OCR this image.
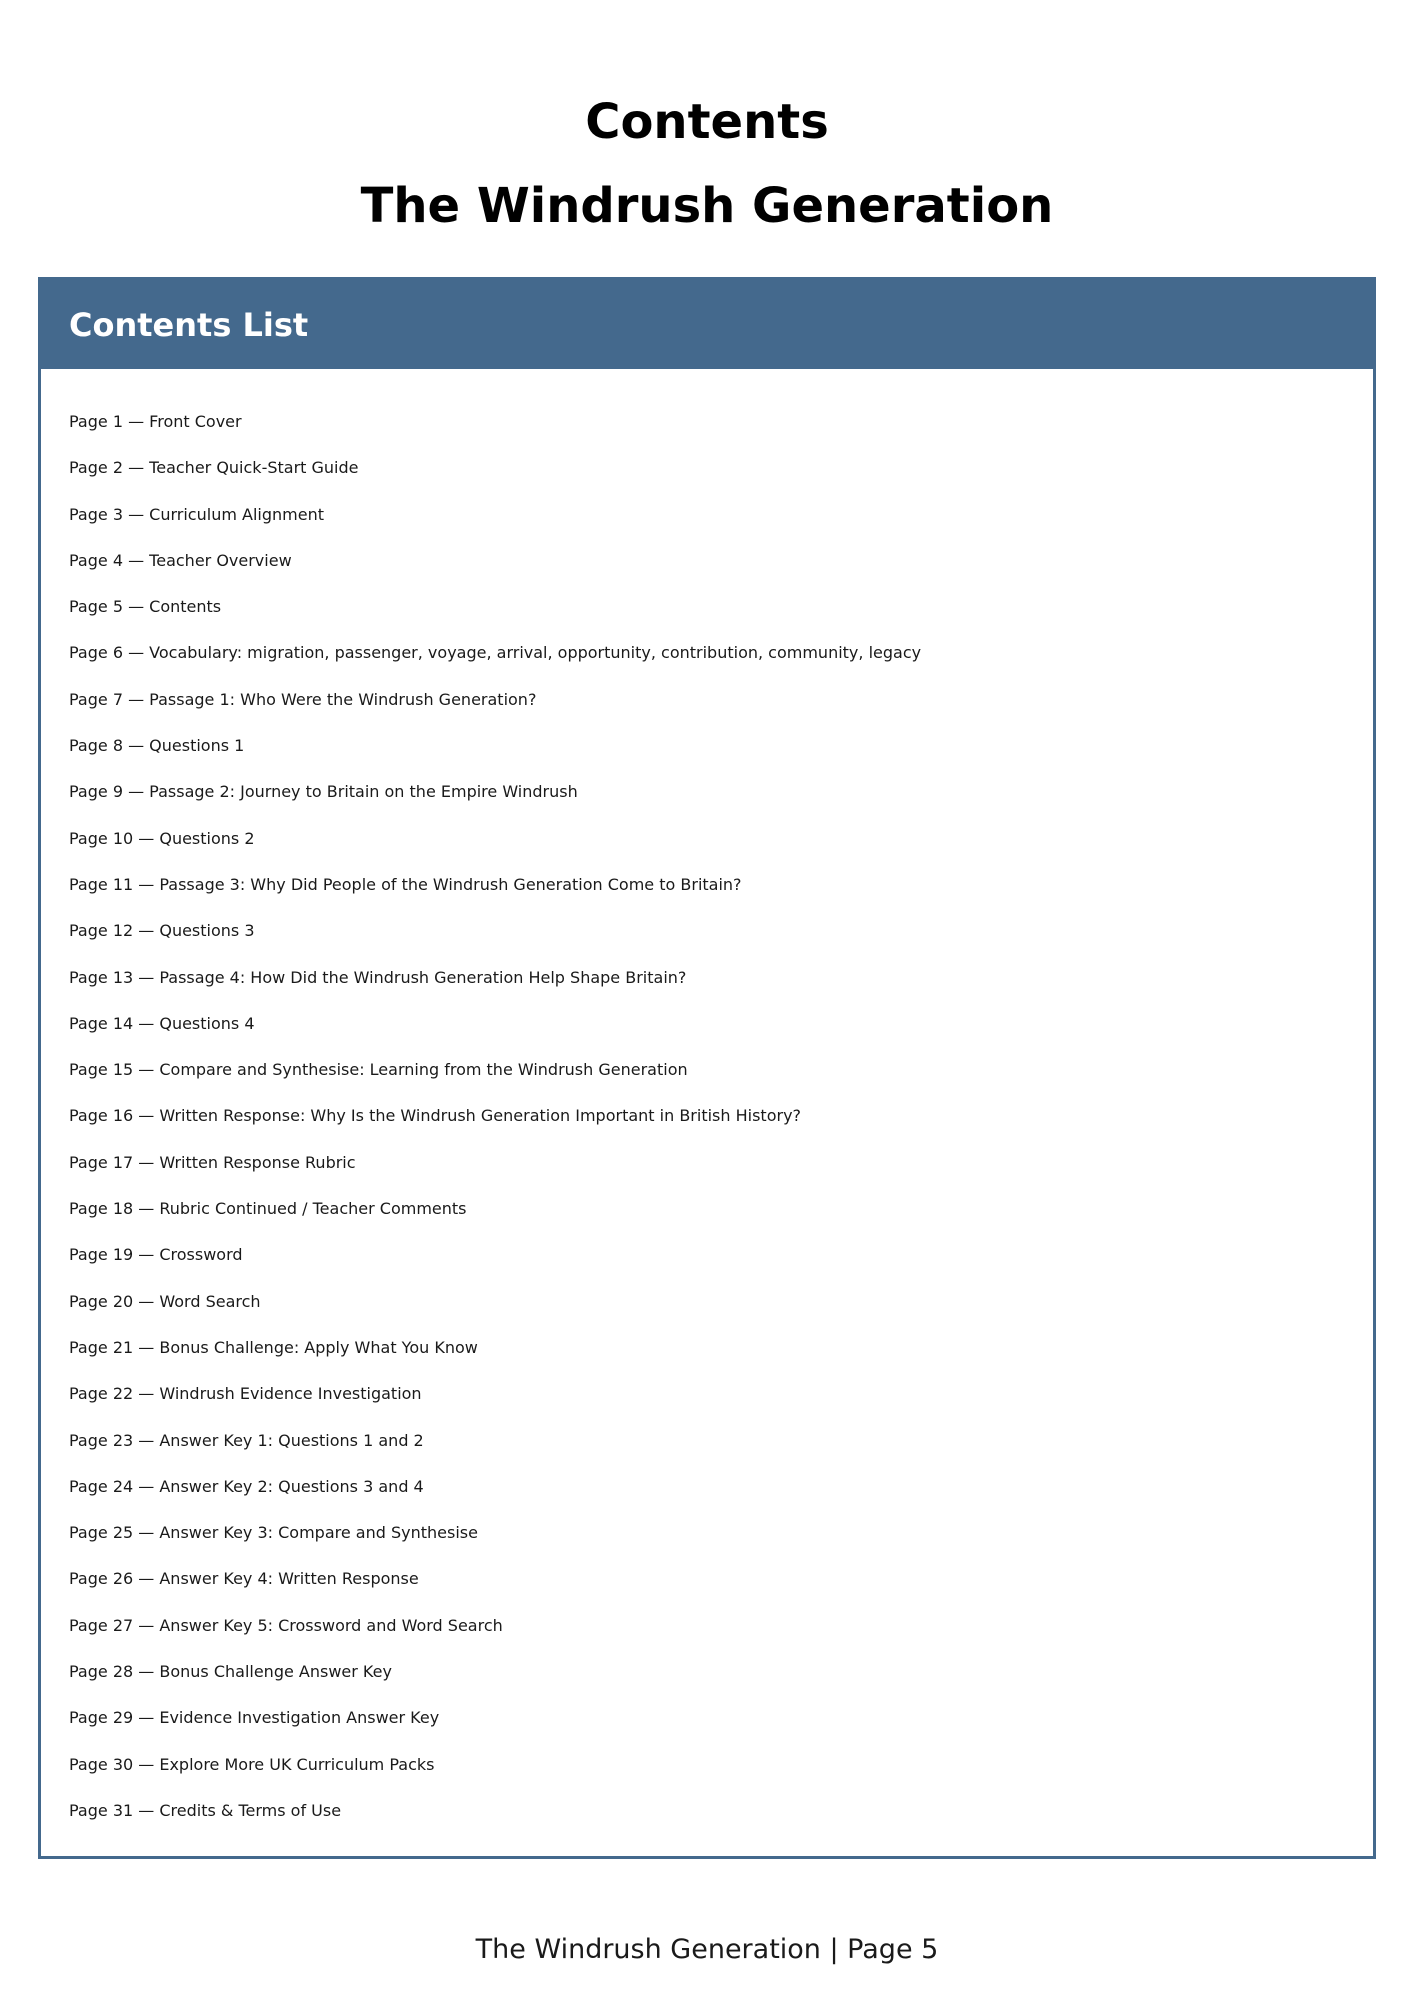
Contents
The Windrush Generation
Contents List
Page 1 — Front Cover
Page 2 — Teacher Quick-Start Guide
Page 3 — Curriculum Alignment
Page 4 — Teacher Overview
Page 5 — Contents
Page 6 — Vocabulary: migration, passenger, voyage, arrival, opportunity, contribution, community, legacy
Page 7 — Passage 1: Who Were the Windrush Generation?
Page 8 — Questions 1
Page 9 — Passage 2: Journey to Britain on the Empire Windrush
Page 10 — Questions 2
Page 11 — Passage 3: Why Did People of the Windrush Generation Come to Britain?
Page 12 — Questions 3
Page 13 — Passage 4: How Did the Windrush Generation Help Shape Britain?
Page 14 — Questions 4
Page 15 — Compare and Synthesise: Learning from the Windrush Generation
Page 16 — Written Response: Why Is the Windrush Generation Important in British History?
Page 17 — Written Response Rubric
Page 18 — Rubric Continued / Teacher Comments
Page 19 — Crossword
Page 20 — Word Search
Page 21 — Bonus Challenge: Apply What You Know
Page 22 — Windrush Evidence Investigation
Page 23 — Answer Key 1: Questions 1 and 2
Page 24 — Answer Key 2: Questions 3 and 4
Page 25 — Answer Key 3: Compare and Synthesise
Page 26 — Answer Key 4: Written Response
Page 27 — Answer Key 5: Crossword and Word Search
Page 28 — Bonus Challenge Answer Key
Page 29 — Evidence Investigation Answer Key
Page 30 — Explore More UK Curriculum Packs
Page 31 — Credits & Terms of Use
The Windrush Generation | Page 5
